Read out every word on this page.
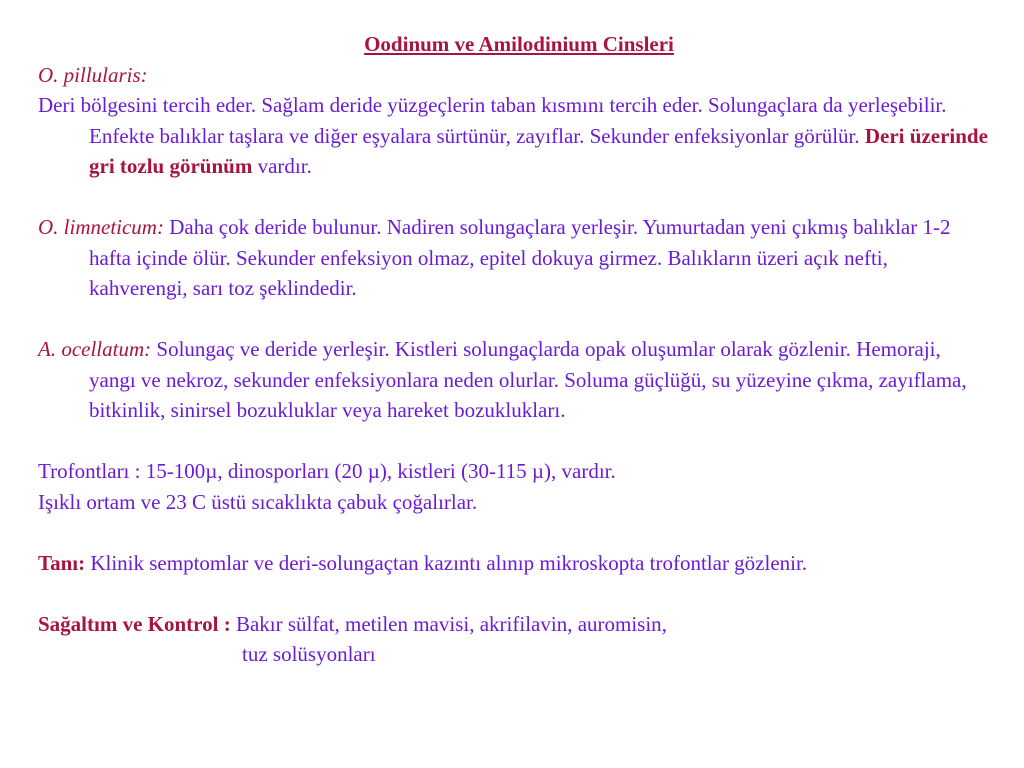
Oodinum ve Amilodinium Cinsleri
O. pillularis:
Deri bölgesini tercih eder. Sağlam deride yüzgeçlerin taban kısmını tercih eder. Solungaçlara da yerleşebilir. Enfekte balıklar taşlara ve diğer eşyalara sürtünür, zayıflar. Sekunder enfeksiyonlar görülür. Deri üzerinde gri tozlu görünüm vardır.
O. limneticum: Daha çok deride bulunur. Nadiren solungaçlara yerleşir. Yumurtadan yeni çıkmış balıklar 1-2 hafta içinde ölür. Sekunder enfeksiyon olmaz, epitel dokuya girmez. Balıkların üzeri açık nefti, kahverengi, sarı toz şeklindedir.
A. ocellatum: Solungaç ve deride yerleşir. Kistleri solungaçlarda opak oluşumlar olarak gözlenir. Hemoraji, yangı ve nekroz, sekunder enfeksiyonlara neden olurlar. Soluma güçlüğü, su yüzeyine çıkma, zayıflama, bitkinlik, sinirsel bozukluklar veya hareket bozuklukları.
Trofontları : 15-100µ, dinosporları (20 µ), kistleri (30-115 µ), vardır.
Işıklı ortam ve 23 C üstü sıcaklıkta çabuk çoğalırlar.
Tanı: Klinik semptomlar ve deri-solungaçtan kazıntı alınıp mikroskopta trofontlar gözlenir.
Sağaltım ve Kontrol : Bakır sülfat, metilen mavisi, akrifilavin, auromisin,
tuz solüsyonları
